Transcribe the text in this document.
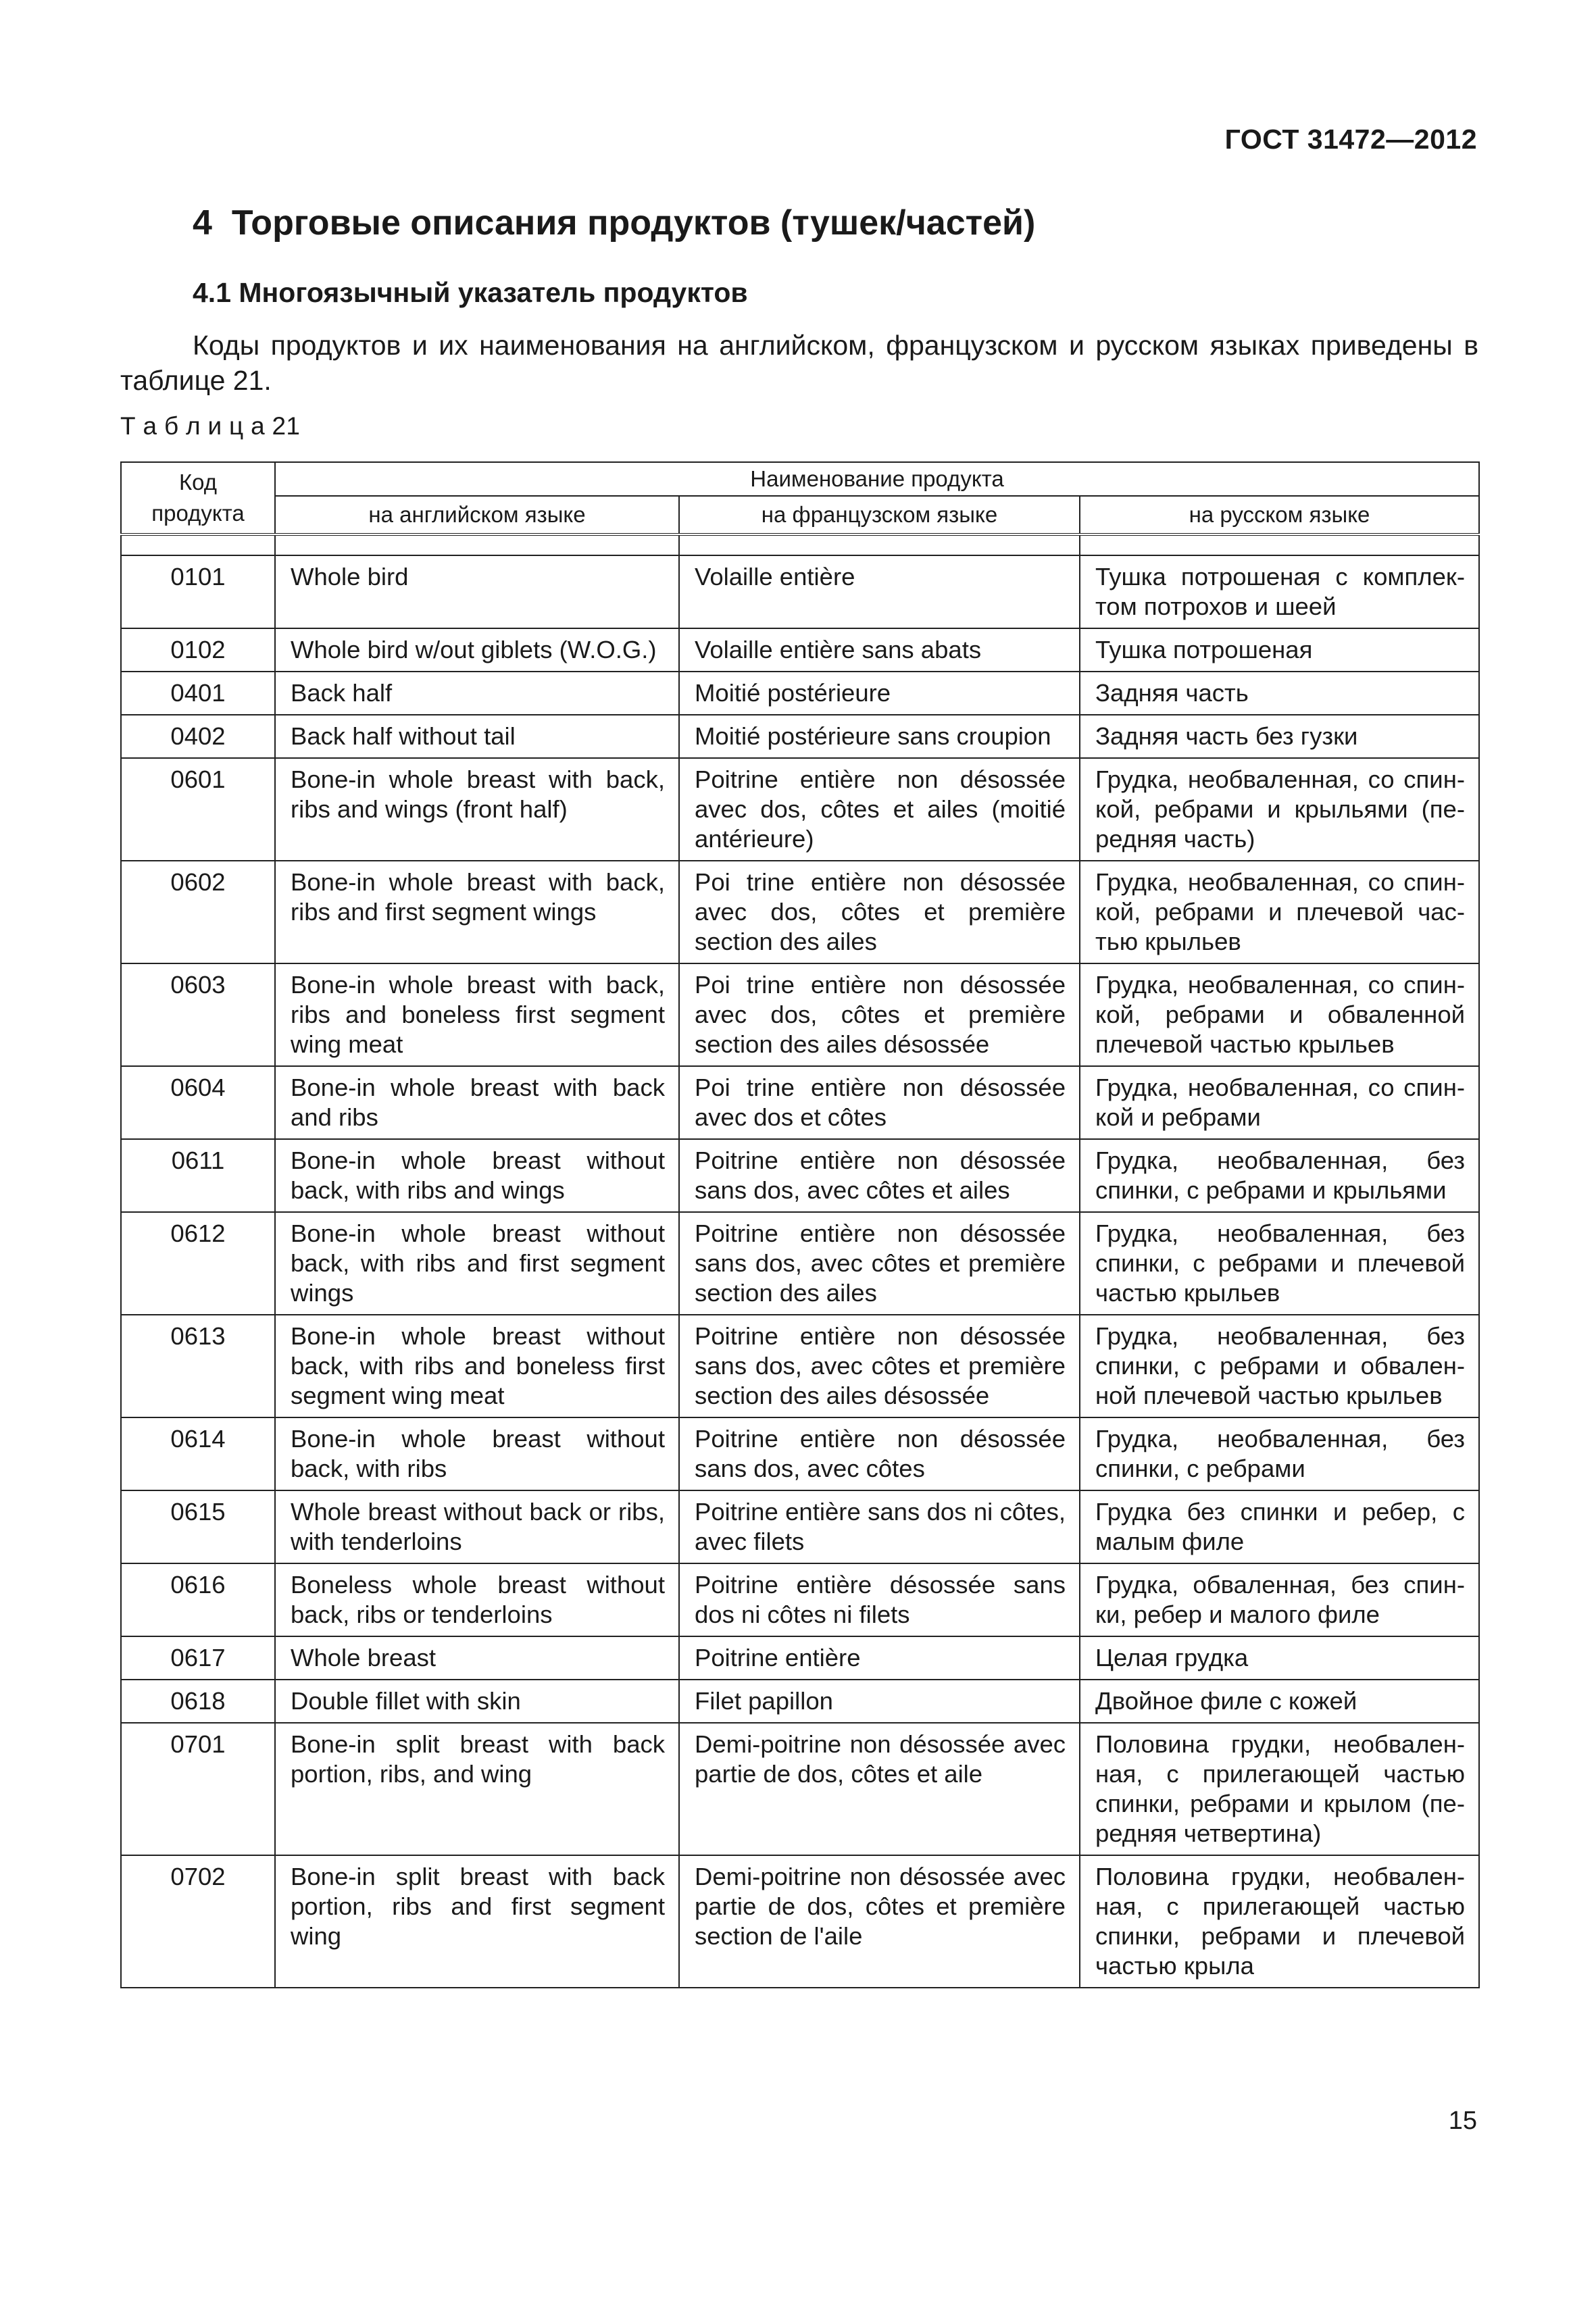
ГОСТ 31472—2012
4  Торговые описания продуктов (тушек/частей)
4.1 Многоязычный указатель продуктов
Коды продуктов и их наименования на английском, французском и русском языках приведены в таблице 21.
Т а б л и ц а 21
Код продукта	Наименование продукта		
	на английском языке	на французском языке	на русском языке

0101	Whole bird	Volaille entière	Тушка потрошеная с комплектом потрохов и шеей
0102	Whole bird w/out giblets (W.O.G.)	Volaille entière sans abats	Тушка потрошеная
0401	Back half	Moitié postérieure	Задняя часть
0402	Back half without tail	Moitié postérieure sans croupion	Задняя часть без гузки
0601	Bone-in whole breast with back, ribs and wings (front half)	Poitrine entière non désossée avec dos, côtes et ailes (moitié antérieure)	Грудка, необваленная, со спинкой, ребрами и крыльями (передняя часть)
0602	Bone-in whole breast with back, ribs and first segment wings	Poi trine entière non désossée avec dos, côtes et première section des ailes	Грудка, необваленная, со спинкой, ребрами и плечевой частью крыльев
0603	Bone-in whole breast with back, ribs and boneless first segment wing meat	Poi trine entière non désossée avec dos, côtes et première section des ailes désossée	Грудка, необваленная, со спинкой, ребрами и обваленной плечевой частью крыльев
0604	Bone-in whole breast with back and ribs	Poi trine entière non désossée avec dos et côtes	Грудка, необваленная, со спинкой и ребрами
0611	Bone-in whole breast without back, with ribs and wings	Poitrine entière non désossée sans dos, avec côtes et ailes	Грудка, необваленная, без спинки, с ребрами и крыльями
0612	Bone-in whole breast without back, with ribs and first segment wings	Poitrine entière non désossée sans dos, avec côtes et première section des ailes	Грудка, необваленная, без спинки, с ребрами и плечевой частью крыльев
0613	Bone-in whole breast without back, with ribs and boneless first segment wing meat	Poitrine entière non désossée sans dos, avec côtes et première section des ailes désossée	Грудка, необваленная, без спинки, с ребрами и обваленной плечевой частью крыльев
0614	Bone-in whole breast without back, with ribs	Poitrine entière non désossée sans dos, avec côtes	Грудка, необваленная, без спинки, с ребрами
0615	Whole breast without back or ribs, with tenderloins	Poitrine entière sans dos ni côtes, avec filets	Грудка без спинки и ребер, с малым филе
0616	Boneless whole breast without back, ribs or tenderloins	Poitrine entière désossée sans dos ni côtes ni filets	Грудка, обваленная, без спинки, ребер и малого филе
0617	Whole breast	Poitrine entière	Целая грудка
0618	Double fillet with skin	Filet papillon	Двойное филе с кожей
0701	Bone-in split breast with back portion, ribs, and wing	Demi-poitrine non désossée avec partie de dos, côtes et aile	Половина грудки, необваленная, с прилегающей частью спинки, ребрами и крылом (передняя четвертина)
0702	Bone-in split breast with back portion, ribs and first segment wing	Demi-poitrine non désossée avec partie de dos, côtes et première section de l'aile	Половина грудки, необваленная, с прилегающей частью спинки, ребрами и плечевой частью крыла
15
